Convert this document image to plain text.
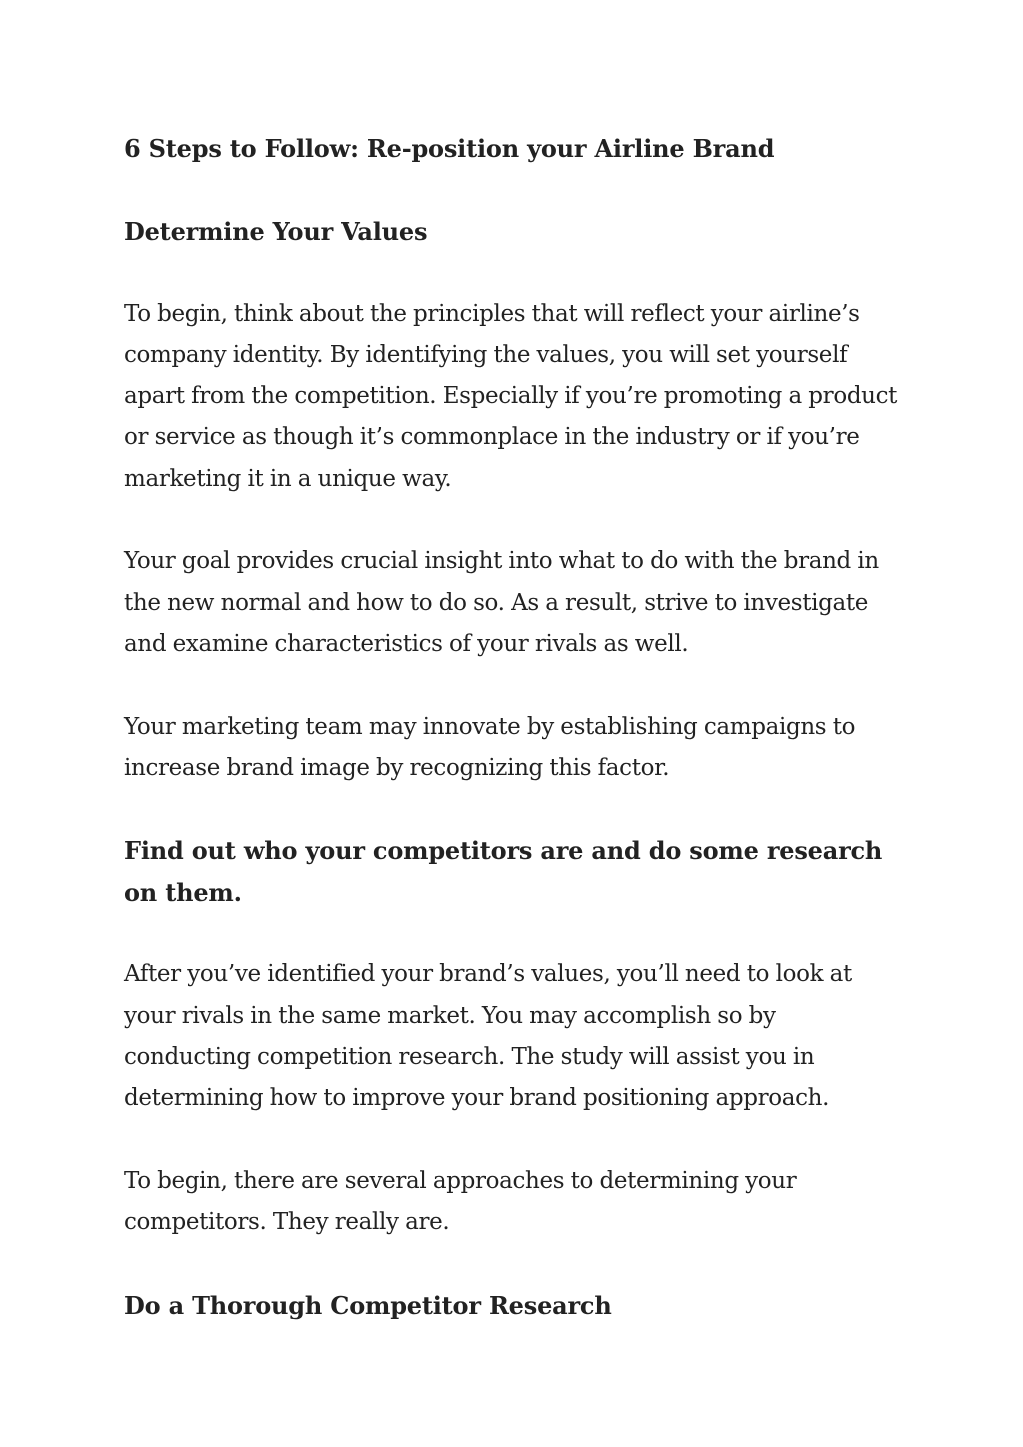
6 Steps to Follow: Re-position your Airline Brand
Determine Your Values

To begin, think about the principles that will reflect your airline’s company identity. By identifying the values, you will set yourself apart from the competition. Especially if you’re promoting a product or service as though it’s commonplace in the industry or if you’re marketing it in a unique way.

Your goal provides crucial insight into what to do with the brand in the new normal and how to do so. As a result, strive to investigate and examine characteristics of your rivals as well.

Your marketing team may innovate by establishing campaigns to increase brand image by recognizing this factor.

Find out who your competitors are and do some research on them.

After you’ve identified your brand’s values, you’ll need to look at your rivals in the same market. You may accomplish so by conducting competition research. The study will assist you in determining how to improve your brand positioning approach.

To begin, there are several approaches to determining your competitors. They really are.

Do a Thorough Competitor Research
